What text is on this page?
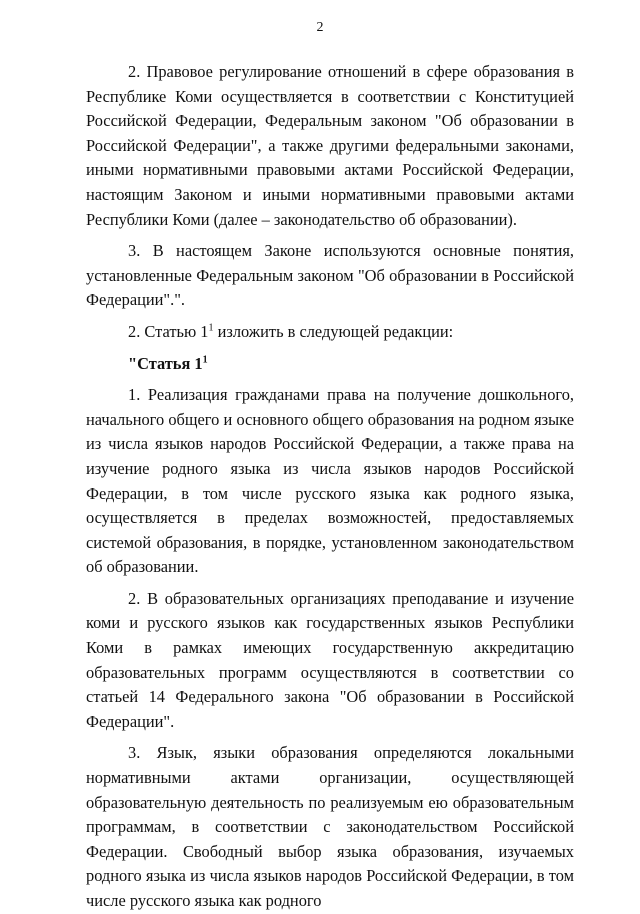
2

2. Правовое регулирование отношений в сфере образования в Республике Коми осуществляется в соответствии с Конституцией Российской Федерации, Федеральным законом "Об образовании в Российской Федерации", а также другими федеральными законами, иными нормативными правовыми актами Российской Федерации, настоящим Законом и иными нормативными правовыми актами Республики Коми (далее – законодательство об образовании).

3. В настоящем Законе используются основные понятия, установленные Федеральным законом "Об образовании в Российской Федерации".".

2. Статью $1^1$ изложить в следующей редакции:

"Статья $1^1$

1. Реализация гражданами права на получение дошкольного, начального общего и основного общего образования на родном языке из числа языков народов Российской Федерации, а также права на изучение родного языка из числа языков народов Российской Федерации, в том числе русского языка как родного языка, осуществляется в пределах возможностей, предоставляемых системой образования, в порядке, установленном законодательством об образовании.

2. В образовательных организациях преподавание и изучение коми и русского языков как государственных языков Республики Коми в рамках имеющих государственную аккредитацию образовательных программ осуществляются в соответствии со статьей 14 Федерального закона "Об образовании в Российской Федерации".

3. Язык, языки образования определяются локальными нормативными актами организации, осуществляющей образовательную деятельность по реализуемым ею образовательным программам, в соответствии с законодательством Российской Федерации. Свободный выбор языка образования, изучаемых родного языка из числа языков народов Российской Федерации, в том числе русского языка как родного
